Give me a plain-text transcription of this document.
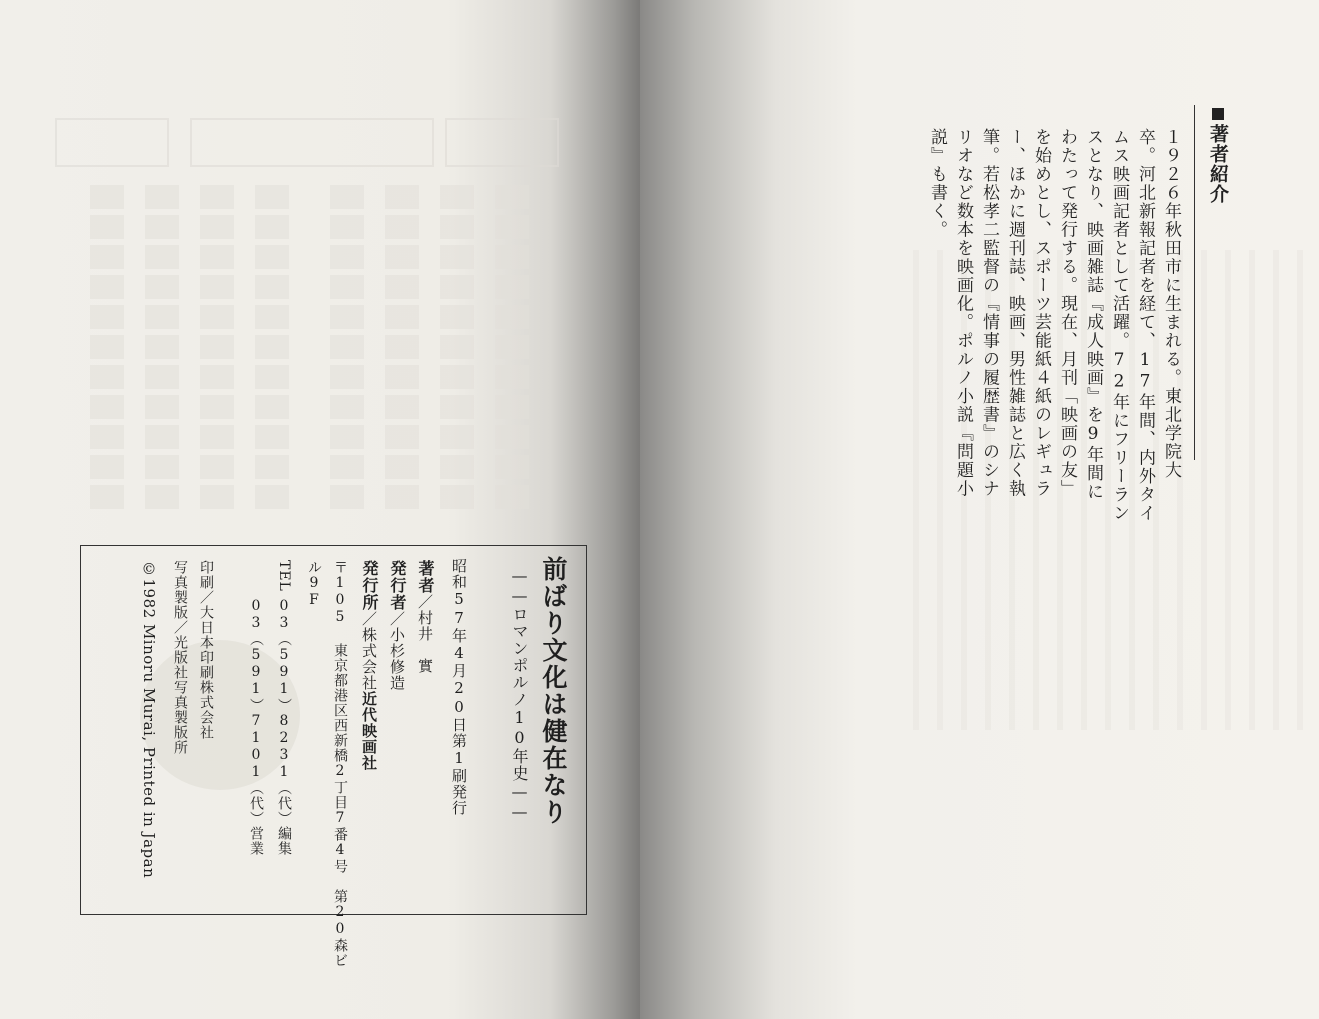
前ばり文化は健在なり
——ロマンポルノ10年史——
昭和57年4月20日第1刷発行
著者／村井　實
発行者／小杉修造
発行所／株式会社近代映画社
〒105 東京都港区西新橋2丁目7番4号　第20森ビ
ル9F
TEL
03（591）8231（代）編集
03（591）7101（代）営業
印刷／大日本印刷株式会社
写真製版／光版社写真製版所
©1982 Minoru Murai, Printed in Japan
著者紹介
１９２６年秋田市に生まれる。東北学院大
卒。河北新報記者を経て、17年間、内外タイ
ムス映画記者として活躍。72年にフリーラン
スとなり、映画雑誌『成人映画』を9年間に
わたって発行する。現在、月刊「映画の友」
を始めとし、スポーツ芸能紙４紙のレギュラ
ー、ほかに週刊誌、映画、男性雑誌と広く執
筆。若松孝二監督の『情事の履歴書』のシナ
リオなど数本を映画化。ポルノ小説『問題小
説』も書く。
